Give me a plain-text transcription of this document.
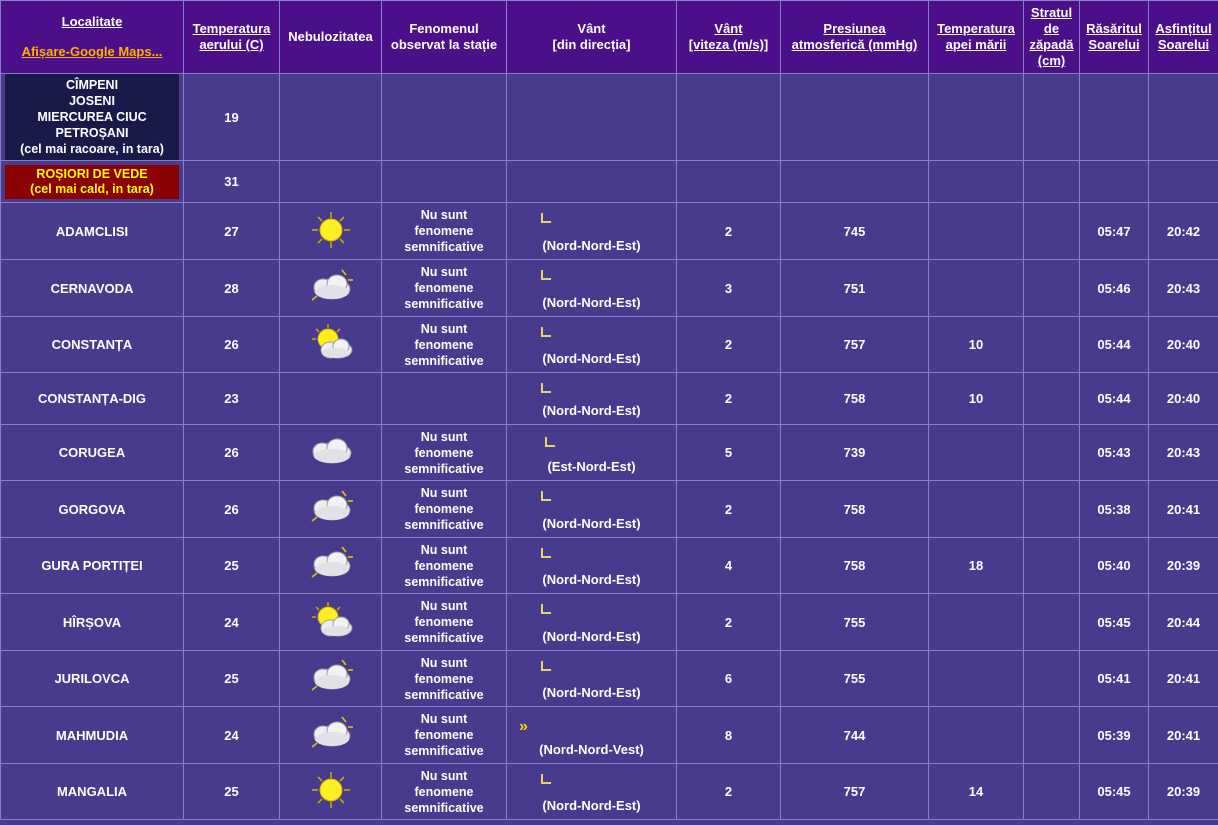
Localitate
Afișare-Google Maps...	Temperatura
aerului (C)	Nebulozitatea	Fenomenul
observat la stație	Vânt
[din direcția]	Vânt
[viteza (m/s)]	Presiunea
atmosferică (mmHg)	Temperatura
apei mării	Stratul
de
zăpadă
(cm)	Răsăritul
Soarelui	Asfințitul
Soarelui

CÎMPENI
JOSENI
MIERCUREA CIUC
PETROȘANI
(cel mai racoare, in tara)	19									

ROȘIORI DE VEDE
(cel mai cald, in tara)	31									
ADAMCLISI	27		Nu sunt
fenomene
semnificative	(Nord-Nord-Est)	2	745			05:47	20:42
CERNAVODA	28		Nu sunt
fenomene
semnificative	(Nord-Nord-Est)	3	751			05:46	20:43
CONSTANȚA	26		Nu sunt
fenomene
semnificative	(Nord-Nord-Est)	2	757	10		05:44	20:40
CONSTANȚA-DIG	23			(Nord-Nord-Est)	2	758	10		05:44	20:40
CORUGEA	26		Nu sunt
fenomene
semnificative	(Est-Nord-Est)	5	739			05:43	20:43
GORGOVA	26		Nu sunt
fenomene
semnificative	(Nord-Nord-Est)	2	758			05:38	20:41
GURA PORTIȚEI	25		Nu sunt
fenomene
semnificative	(Nord-Nord-Est)	4	758	18		05:40	20:39
HÎRȘOVA	24		Nu sunt
fenomene
semnificative	(Nord-Nord-Est)	2	755			05:45	20:44
JURILOVCA	25		Nu sunt
fenomene
semnificative	(Nord-Nord-Est)	6	755			05:41	20:41
MAHMUDIA	24		Nu sunt
fenomene
semnificative	»
(Nord-Nord-Vest)	8	744			05:39	20:41
MANGALIA	25		Nu sunt
fenomene
semnificative	(Nord-Nord-Est)	2	757	14		05:45	20:39
